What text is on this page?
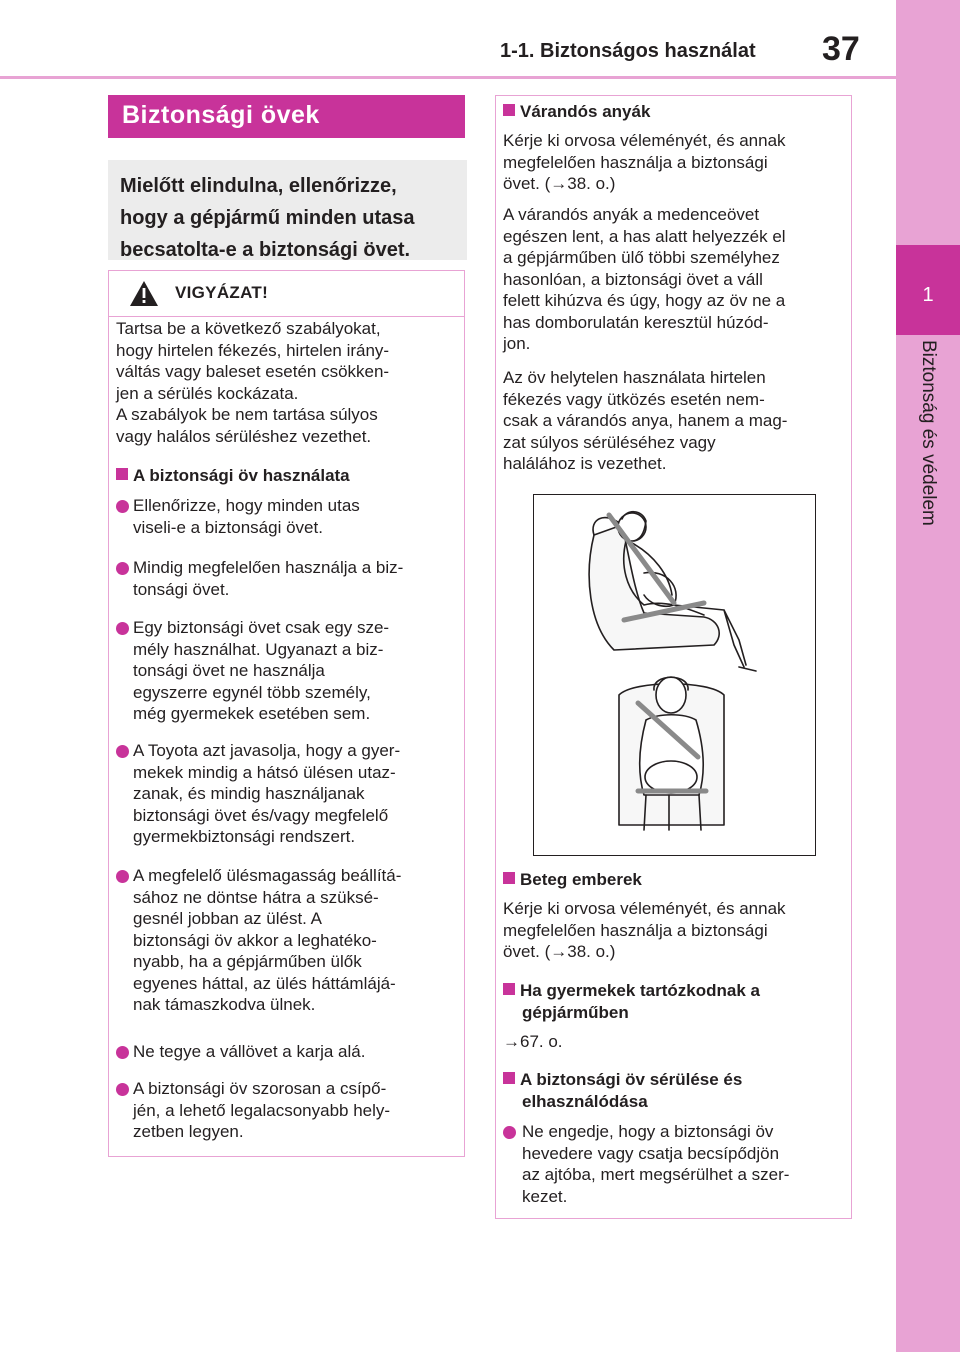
1-1. Biztonságos használat 37
1
Biztonság és védelem
Biztonsági övek
Mielőtt elindulna, ellenőrizze,
hogy a gépjármű minden utasa
becsatolta-e a biztonsági övet.
VIGYÁZAT!
Tartsa be a következő szabályokat,
hogy hirtelen fékezés, hirtelen irány-
váltás vagy baleset esetén csökken-
jen a sérülés kockázata.
A szabályok be nem tartása súlyos
vagy halálos sérüléshez vezethet.
A biztonsági öv használata
Ellenőrizze, hogy minden utas
viseli-e a biztonsági övet.
Mindig megfelelően használja a biz-
tonsági övet.
Egy biztonsági övet csak egy sze-
mély használhat. Ugyanazt a biz-
tonsági övet ne használja
egyszerre egynél több személy,
még gyermekek esetében sem.
A Toyota azt javasolja, hogy a gyer-
mekek mindig a hátsó ülésen utaz-
zanak, és mindig használjanak
biztonsági övet és/vagy megfelelő
gyermekbiztonsági rendszert.
A megfelelő ülésmagasság beállítá-
sához ne döntse hátra a szüksé-
gesnél jobban az ülést. A
biztonsági öv akkor a leghatéko-
nyabb, ha a gépjárműben ülők
egyenes háttal, az ülés háttámlájá-
nak támaszkodva ülnek.
Ne tegye a vállövet a karja alá.
A biztonsági öv szorosan a csípő-
jén, a lehető legalacsonyabb hely-
zetben legyen.
Várandós anyák
Kérje ki orvosa véleményét, és annak
megfelelően használja a biztonsági
övet. (→38. o.)
A várandós anyák a medenceövet
egészen lent, a has alatt helyezzék el
a gépjárműben ülő többi személyhez
hasonlóan, a biztonsági övet a váll
felett kihúzva és úgy, hogy az öv ne a
has domborulatán keresztül húzód-
jon.
Az öv helytelen használata hirtelen
fékezés vagy ütközés esetén nem-
csak a várandós anya, hanem a mag-
zat súlyos sérüléséhez vagy
halálához is vezethet.
Beteg emberek
Kérje ki orvosa véleményét, és annak
megfelelően használja a biztonsági
övet. (→38. o.)
Ha gyermekek tartózkodnak a
gépjárműben
→67. o.
A biztonsági öv sérülése és
elhasználódása
Ne engedje, hogy a biztonsági öv
hevedere vagy csatja becsípődjön
az ajtóba, mert megsérülhet a szer-
kezet.
